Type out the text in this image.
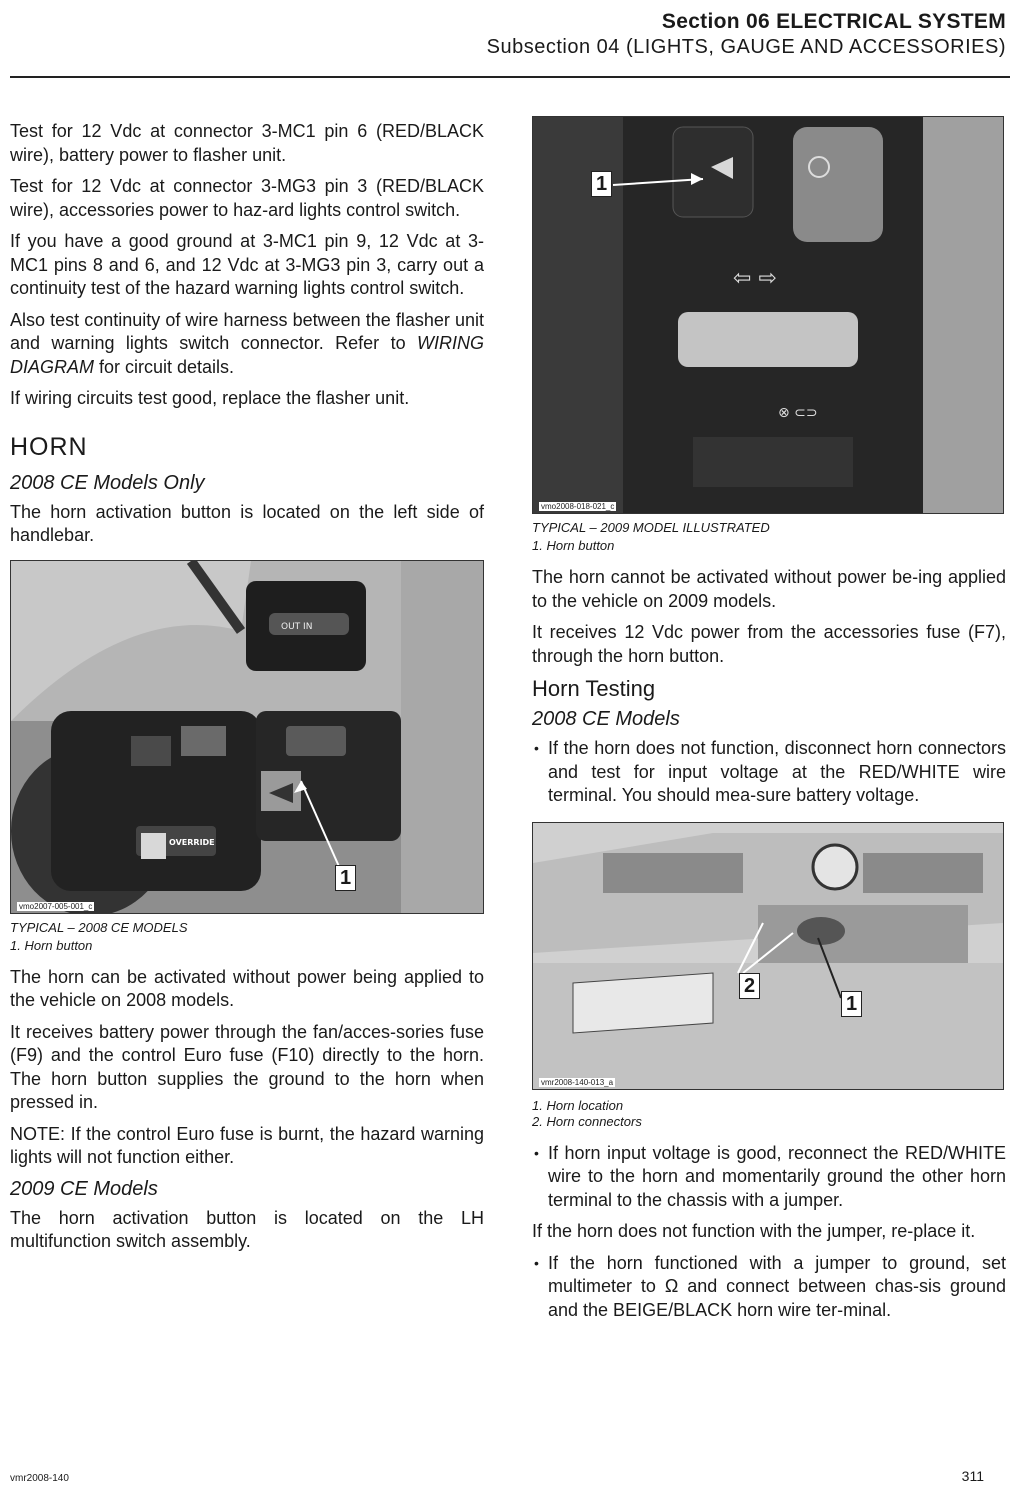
Section 06 ELECTRICAL SYSTEM
Subsection 04 (LIGHTS, GAUGE AND ACCESSORIES)

Test for 12 Vdc at connector 3-MC1 pin 6 (RED/BLACK wire), battery power to flasher unit.

Test for 12 Vdc at connector 3-MG3 pin 3 (RED/BLACK wire), accessories power to haz-ard lights control switch.

If you have a good ground at 3-MC1 pin 9, 12 Vdc at 3-MC1 pins 8 and 6, and 12 Vdc at 3-MG3 pin 3, carry out a continuity test of the hazard warning lights control switch.

Also test continuity of wire harness between the flasher unit and warning lights switch connector. Refer to WIRING DIAGRAM for circuit details.

If wiring circuits test good, replace the flasher unit.

HORN
2008 CE Models Only

The horn activation button is located on the left side of handlebar.

OUT IN
OVERRIDE
1
vmo2007-005-001_c
TYPICAL – 2008 CE MODELS
1. Horn button

The horn can be activated without power being applied to the vehicle on 2008 models.

It receives battery power through the fan/acces-sories fuse (F9) and the control Euro fuse (F10) directly to the horn. The horn button supplies the ground to the horn when pressed in.

NOTE: If the control Euro fuse is burnt, the hazard warning lights will not function either.

2009 CE Models

The horn activation button is located on the LH multifunction switch assembly.

⇦ ⇨
⊗ ⊂⊃
1
vmo2008-018-021_c
TYPICAL – 2009 MODEL ILLUSTRATED
1. Horn button

The horn cannot be activated without power be-ing applied to the vehicle on 2009 models.

It receives 12 Vdc power from the accessories fuse (F7), through the horn button.

Horn Testing
2008 CE Models

• If the horn does not function, disconnect horn connectors and test for input voltage at the RED/WHITE wire terminal. You should mea-sure battery voltage.

2
1
vmr2008-140-013_a
1. Horn location
2. Horn connectors

• If horn input voltage is good, reconnect the RED/WHITE wire to the horn and momentarily ground the other horn terminal to the chassis with a jumper.

If the horn does not function with the jumper, re-place it.

• If the horn functioned with a jumper to ground, set multimeter to Ω and connect between chas-sis ground and the BEIGE/BLACK horn wire ter-minal.

vmr2008-140	311
